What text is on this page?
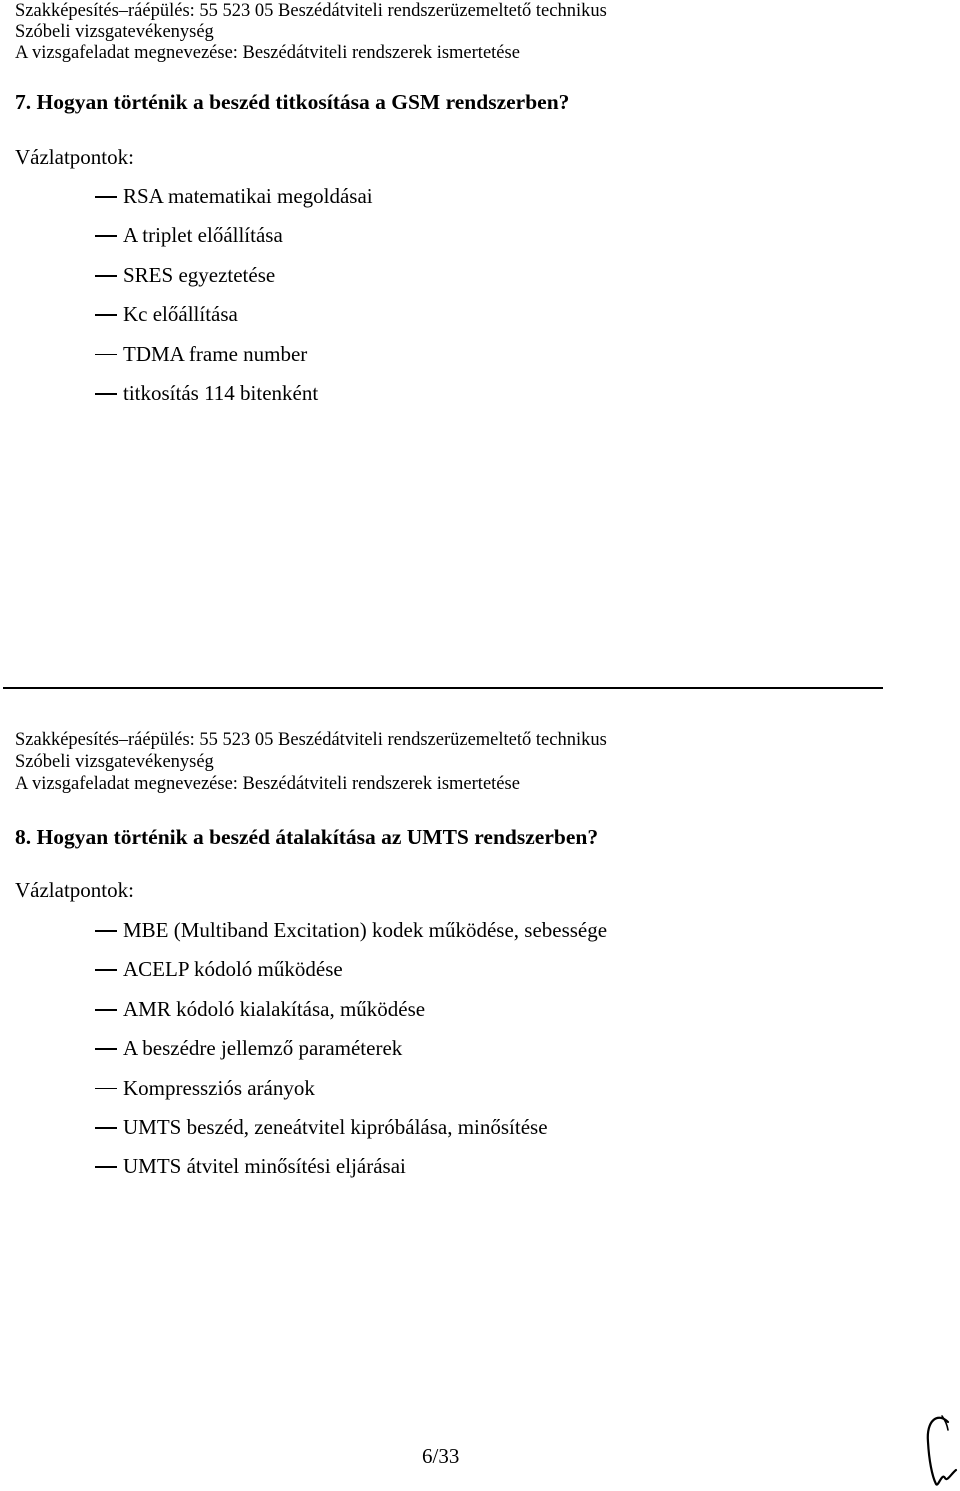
Szakképesítés–ráépülés: 55 523 05 Beszédátviteli rendszerüzemeltető technikus
Szóbeli vizsgatevékenység
A vizsgafeladat megnevezése: Beszédátviteli rendszerek ismertetése
7. Hogyan történik a beszéd titkosítása a GSM rendszerben?
Vázlatpontok:
RSA matematikai megoldásai
A triplet előállítása
SRES egyeztetése
Kc előállítása
TDMA frame number
titkosítás 114 bitenként
Szakképesítés–ráépülés: 55 523 05 Beszédátviteli rendszerüzemeltető technikus
Szóbeli vizsgatevékenység
A vizsgafeladat megnevezése: Beszédátviteli rendszerek ismertetése
8. Hogyan történik a beszéd átalakítása az UMTS rendszerben?
Vázlatpontok:
MBE (Multiband Excitation) kodek működése, sebessége
ACELP kódoló működése
AMR kódoló kialakítása, működése
A beszédre jellemző paraméterek
Kompressziós arányok
UMTS beszéd, zeneátvitel kipróbálása, minősítése
UMTS átvitel minősítési eljárásai
6/33
